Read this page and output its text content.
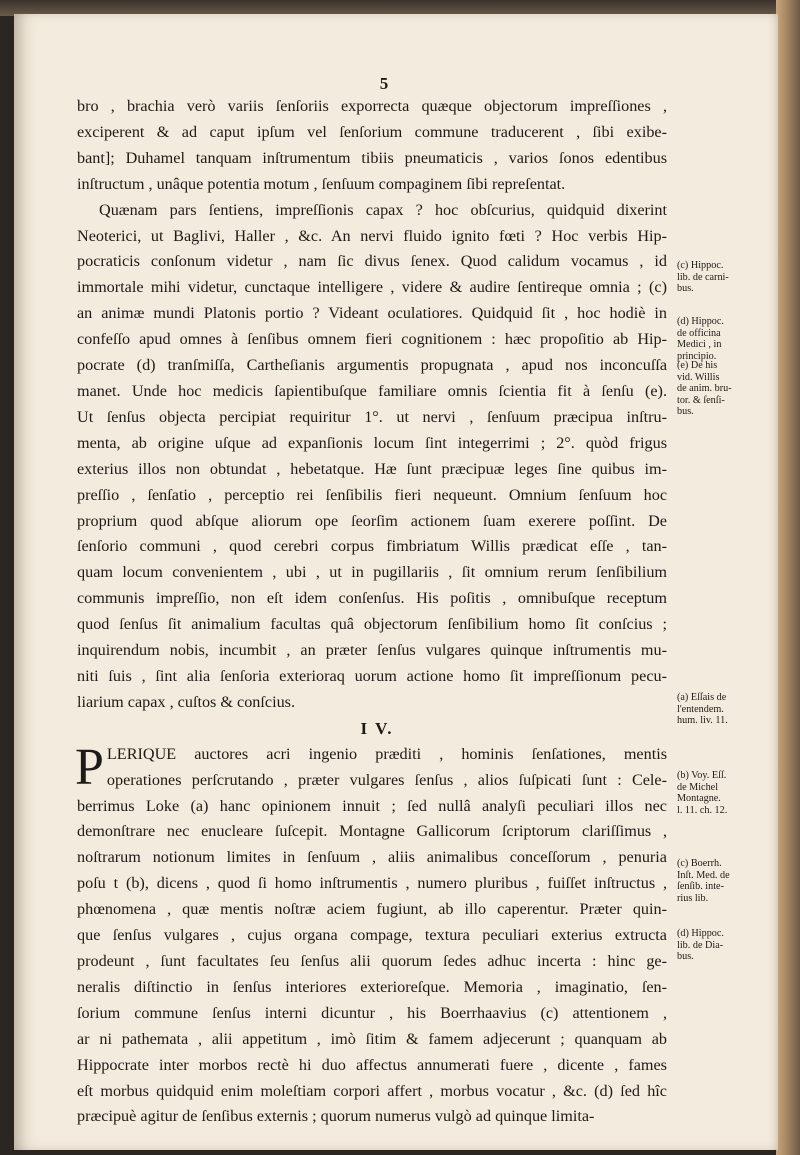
5
bro , brachia verò variis ſenſoriis exporrecta quæque objectorum impreſſiones ,
exciperent & ad caput ipſum vel ſenſorium commune traducerent , ſibi exibe-
bant]; Duhamel tanquam inſtrumentum tibiis pneumaticis , varios ſonos edentibus
inſtructum , unâque potentia motum , ſenſuum compaginem ſibi repreſentat.
Quænam pars ſentiens, impreſſionis capax ? hoc obſcurius, quidquid dixerint
Neoterici, ut Baglivi, Haller , &c. An nervi fluido ignito fœti ? Hoc verbis Hip-
pocraticis conſonum videtur , nam ſic divus ſenex. Quod calidum vocamus , id
immortale mihi videtur, cunctaque intelligere , videre & audire ſentireque omnia ; (c)
an animæ mundi Platonis portio ? Videant oculatiores. Quidquid ſit , hoc hodiè in
confeſſo apud omnes à ſenſibus omnem fieri cognitionem : hæc propoſitio ab Hip-
pocrate (d) tranſmiſſa, Cartheſianis argumentis propugnata , apud nos inconcuſſa
manet. Unde hoc medicis ſapientibuſque familiare omnis ſcientia fit à ſenſu (e).
Ut ſenſus objecta percipiat requiritur 1°. ut nervi , ſenſuum præcipua inſtru-
menta, ab origine uſque ad expanſionis locum ſint integerrimi ; 2°. quòd frigus
exterius illos non obtundat , hebetatque. Hæ ſunt præcipuæ leges ſine quibus im-
preſſio , ſenſatio , perceptio rei ſenſibilis fieri nequeunt. Omnium ſenſuum hoc
proprium quod abſque aliorum ope ſeorſim actionem ſuam exerere poſſint. De
ſenſorio communi , quod cerebri corpus fimbriatum Willis prædicat eſſe , tan-
quam locum convenientem , ubi , ut in pugillariis , ſit omnium rerum ſenſibilium
communis impreſſio, non eſt idem conſenſus. His poſitis , omnibuſque receptum
quod ſenſus ſit animalium facultas quâ objectorum ſenſibilium homo ſit conſcius ;
inquirendum nobis, incumbit , an præter ſenſus vulgares quinque inſtrumentis mu-
niti ſuis , ſint alia ſenſoria exterioraq uorum actione homo ſit impreſſionum pecu-
liarium capax , cuſtos & conſcius.
I V.
P LERIQUE auctores acri ingenio præditi , hominis ſenſationes, mentis
operationes perſcrutando , præter vulgares ſenſus , alios ſuſpicati ſunt : Cele-
berrimus Loke (a) hanc opinionem innuit ; ſed nullâ analyſi peculiari illos nec
demonſtrare nec enucleare ſuſcepit. Montagne Gallicorum ſcriptorum clariſſimus ,
noſtrarum notionum limites in ſenſuum , aliis animalibus conceſſorum , penuria
poſu t (b), dicens , quod ſi homo inſtrumentis , numero pluribus , fuiſſet inſtructus ,
phœnomena , quæ mentis noſtræ aciem fugiunt, ab illo caperentur. Præter quin-
que ſenſus vulgares , cujus organa compage, textura peculiari exterius extructa
prodeunt , ſunt facultates ſeu ſenſus alii quorum ſedes adhuc incerta : hinc ge-
neralis diſtinctio in ſenſus interiores exterioreſque. Memoria , imaginatio, ſen-
ſorium commune ſenſus interni dicuntur , his Boerrhaavius (c) attentionem ,
ar ni pathemata , alii appetitum , imò ſitim & famem adjecerunt ; quanquam ab
Hippocrate inter morbos rectè hi duo affectus annumerati fuere , dicente , fames
eſt morbus quidquid enim moleſtiam corpori affert , morbus vocatur , &c. (d) ſed hîc
præcipuè agitur de ſenſibus externis ; quorum numerus vulgò ad quinque limita-
(c) Hippoc.
lib. de carni-
bus.
(d) Hippoc.
de officina
Medici , in
principio.
(e) De his
vid. Willis
de anim. bru-
tor. & ſenſi-
bus.
(a) Eſſais de
l'entendem.
hum. liv. 11.
(b) Voy. Eſſ.
de Michel
Montagne.
l. 11. ch. 12.
(c) Boerrh.
Inſt. Med. de
ſenſib. inte-
rius lib.
(d) Hippoc.
lib. de Dia-
bus.
